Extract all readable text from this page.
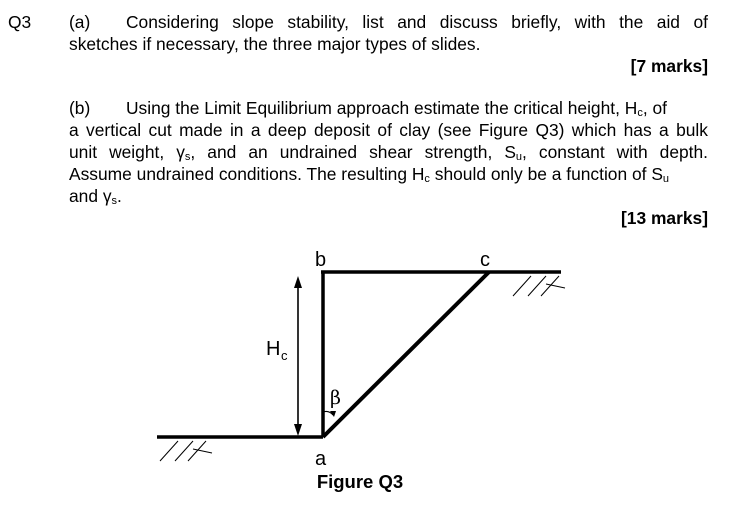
Q3 (a) Considering slope stability, list and discuss briefly, with the aid of
sketches if necessary, the three major types of slides.
[7 marks]
(b) Using the Limit Equilibrium approach estimate the critical height, $H_c$, of
a vertical cut made in a deep deposit of clay (see Figure Q3) which has a bulk
unit weight, $\gamma_s$, and an undrained shear strength, $S_u$, constant with depth.
Assume undrained conditions. The resulting $H_c$ should only be a function of $S_u$
and $\gamma_s$.
[13 marks]
b	c
a
H c
β
Figure Q3
